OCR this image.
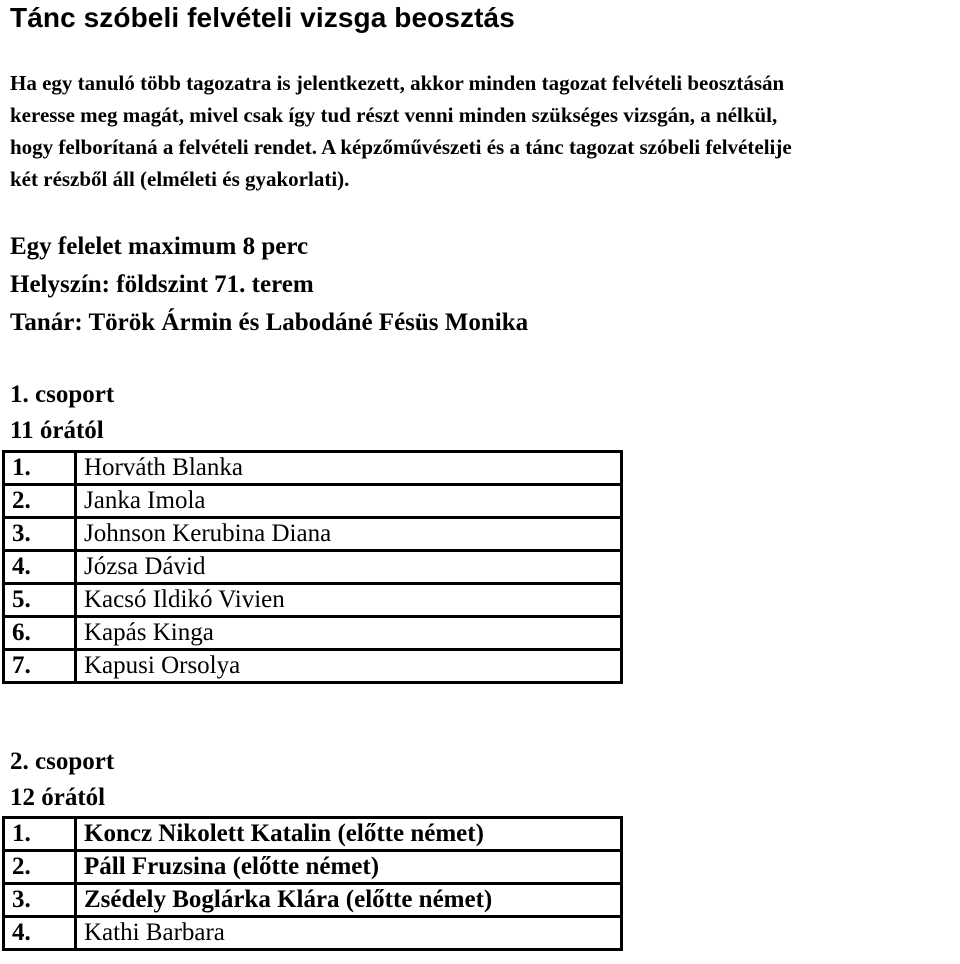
Tánc szóbeli felvételi vizsga beosztás
Ha egy tanuló több tagozatra is jelentkezett, akkor minden tagozat felvételi beosztásán
keresse meg magát, mivel csak így tud részt venni minden szükséges vizsgán, a nélkül,
hogy felborítaná a felvételi rendet. A képzőművészeti és a tánc tagozat szóbeli felvételije
két részből áll (elméleti és gyakorlati).
Egy felelet maximum 8 perc
Helyszín: földszint 71. terem
Tanár: Török Ármin és Labodáné Fésüs Monika
1. csoport
11 órától
1.	Horváth Blanka
2.	Janka Imola
3.	Johnson Kerubina Diana
4.	Józsa Dávid
5.	Kacsó Ildikó Vivien
6.	Kapás Kinga
7.	Kapusi Orsolya
2. csoport
12 órától
1.	Koncz Nikolett Katalin (előtte német)
2.	Páll Fruzsina (előtte német)
3.	Zsédely Boglárka Klára (előtte német)
4.	Kathi Barbara
